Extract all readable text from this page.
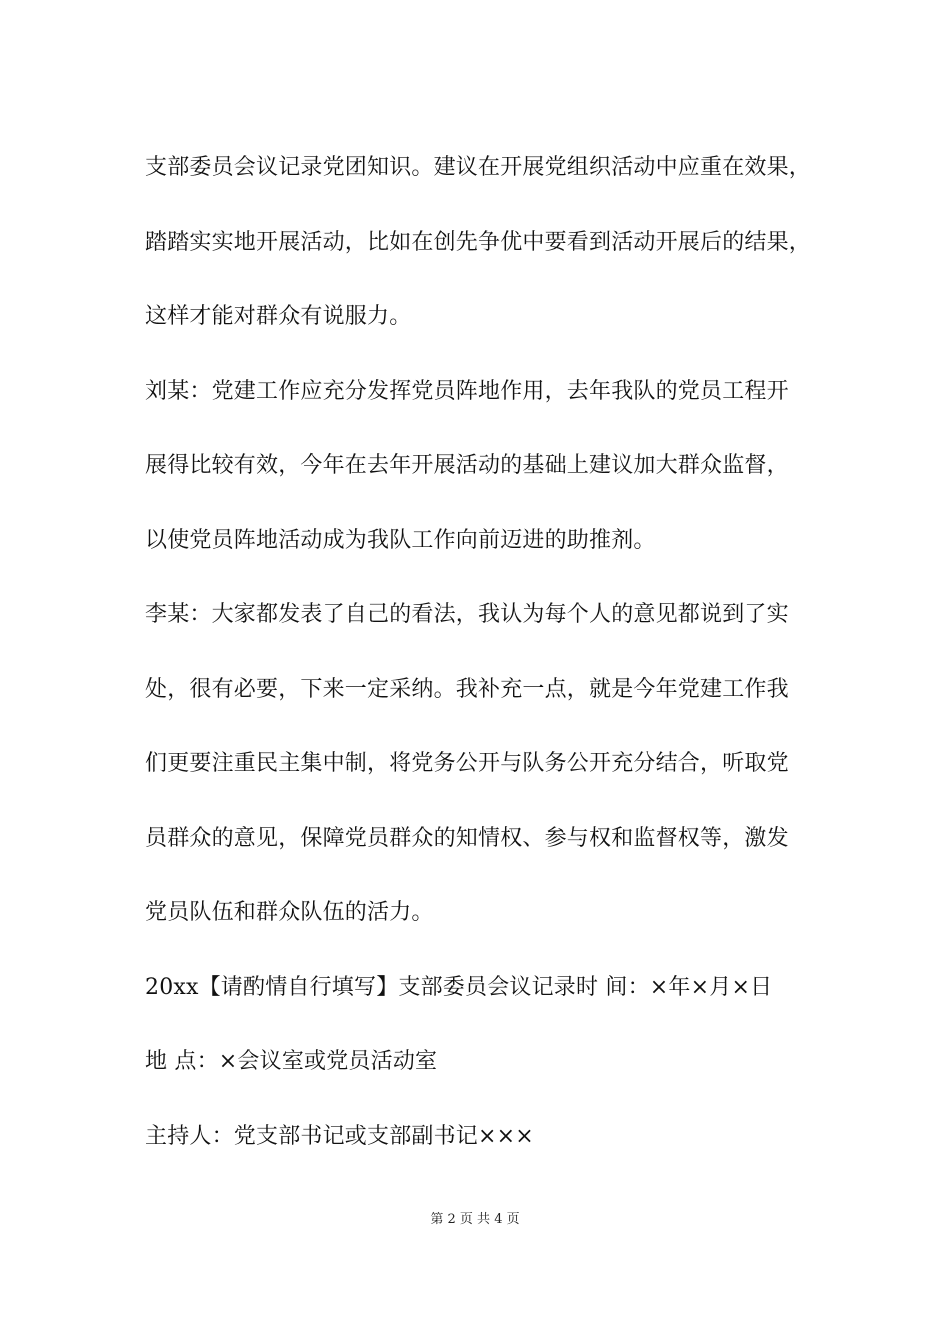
支部委员会议记录党团知识。建议在开展党组织活动中应重在效果，
踏踏实实地开展活动，比如在创先争优中要看到活动开展后的结果，
这样才能对群众有说服力。
刘某：党建工作应充分发挥党员阵地作用，去年我队的党员工程开
展得比较有效，今年在去年开展活动的基础上建议加大群众监督，
以使党员阵地活动成为我队工作向前迈进的助推剂。
李某：大家都发表了自己的看法，我认为每个人的意见都说到了实
处，很有必要，下来一定采纳。我补充一点，就是今年党建工作我
们更要注重民主集中制，将党务公开与队务公开充分结合，听取党
员群众的意见，保障党员群众的知情权、参与权和监督权等，激发
党员队伍和群众队伍的活力。
20xx【请酌情自行填写】支部委员会议记录时 间：×年×月×日
地 点：×会议室或党员活动室
主持人：党支部书记或支部副书记×××
第 2 页 共 4 页
